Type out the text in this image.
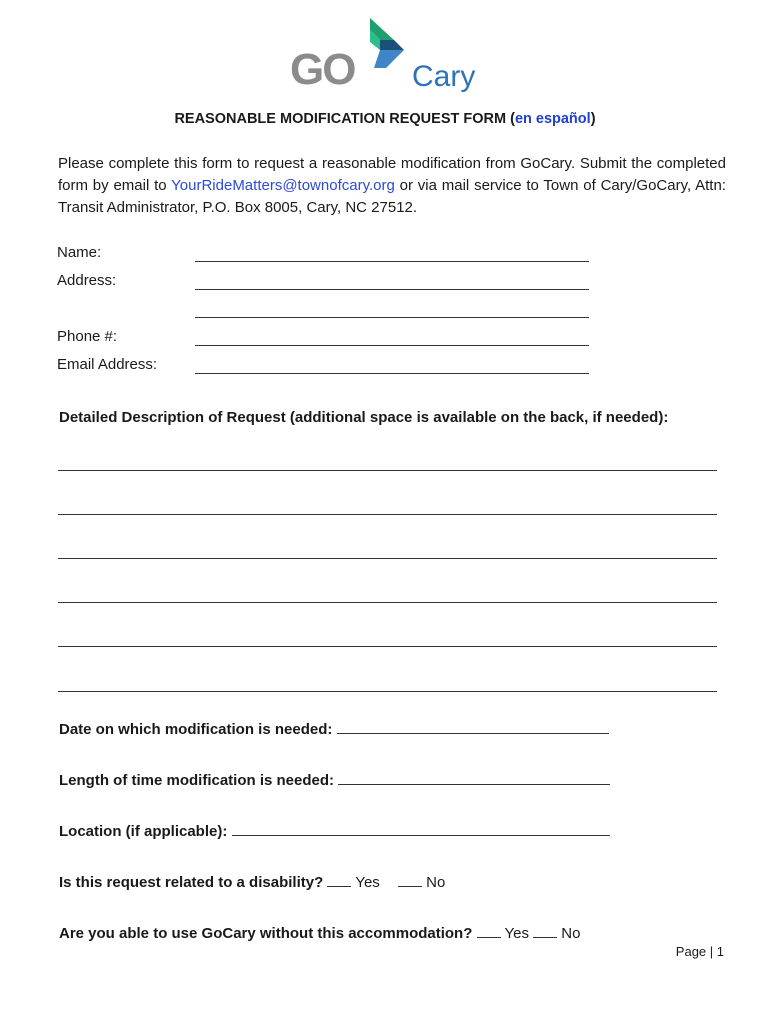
GO Cary
REASONABLE MODIFICATION REQUEST FORM (en español)
Please complete this form to request a reasonable modification from GoCary. Submit the completed form by email to YourRideMatters@townofcary.org or via mail service to Town of Cary/GoCary, Attn: Transit Administrator, P.O. Box 8005, Cary, NC 27512.
Name:
Address:
Phone #:
Email Address:
Detailed Description of Request (additional space is available on the back, if needed):
Date on which modification is needed:
Length of time modification is needed:
Location (if applicable):
Is this request related to a disability? Yes	No
Are you able to use GoCary without this accommodation? Yes No
Page | 1
